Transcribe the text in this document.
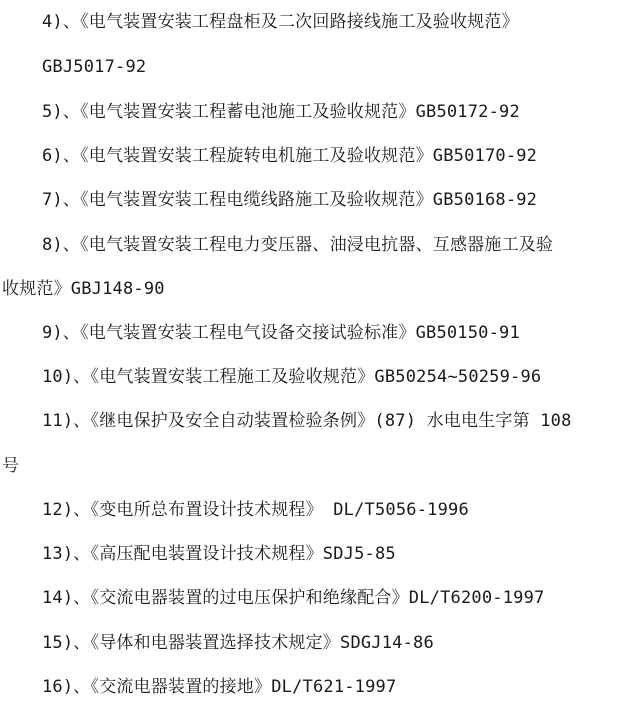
4)、《电气装置安装工程盘柜及二次回路接线施工及验收规范》
GBJ5017-92
5)、《电气装置安装工程蓄电池施工及验收规范》GB50172-92
6)、《电气装置安装工程旋转电机施工及验收规范》GB50170-92
7)、《电气装置安装工程电缆线路施工及验收规范》GB50168-92
8)、《电气装置安装工程电力变压器、油浸电抗器、互感器施工及验
收规范》GBJ148-90
9)、《电气装置安装工程电气设备交接试验标准》GB50150-91
10)、《电气装置安装工程施工及验收规范》GB50254~50259-96
11)、《继电保护及安全自动装置检验条例》(87) 水电电生字第 108
号
12)、《变电所总布置设计技术规程》 DL/T5056-1996
13)、《高压配电装置设计技术规程》SDJ5-85
14)、《交流电器装置的过电压保护和绝缘配合》DL/T6200-1997
15)、《导体和电器装置选择技术规定》SDGJ14-86
16)、《交流电器装置的接地》DL/T621-1997
